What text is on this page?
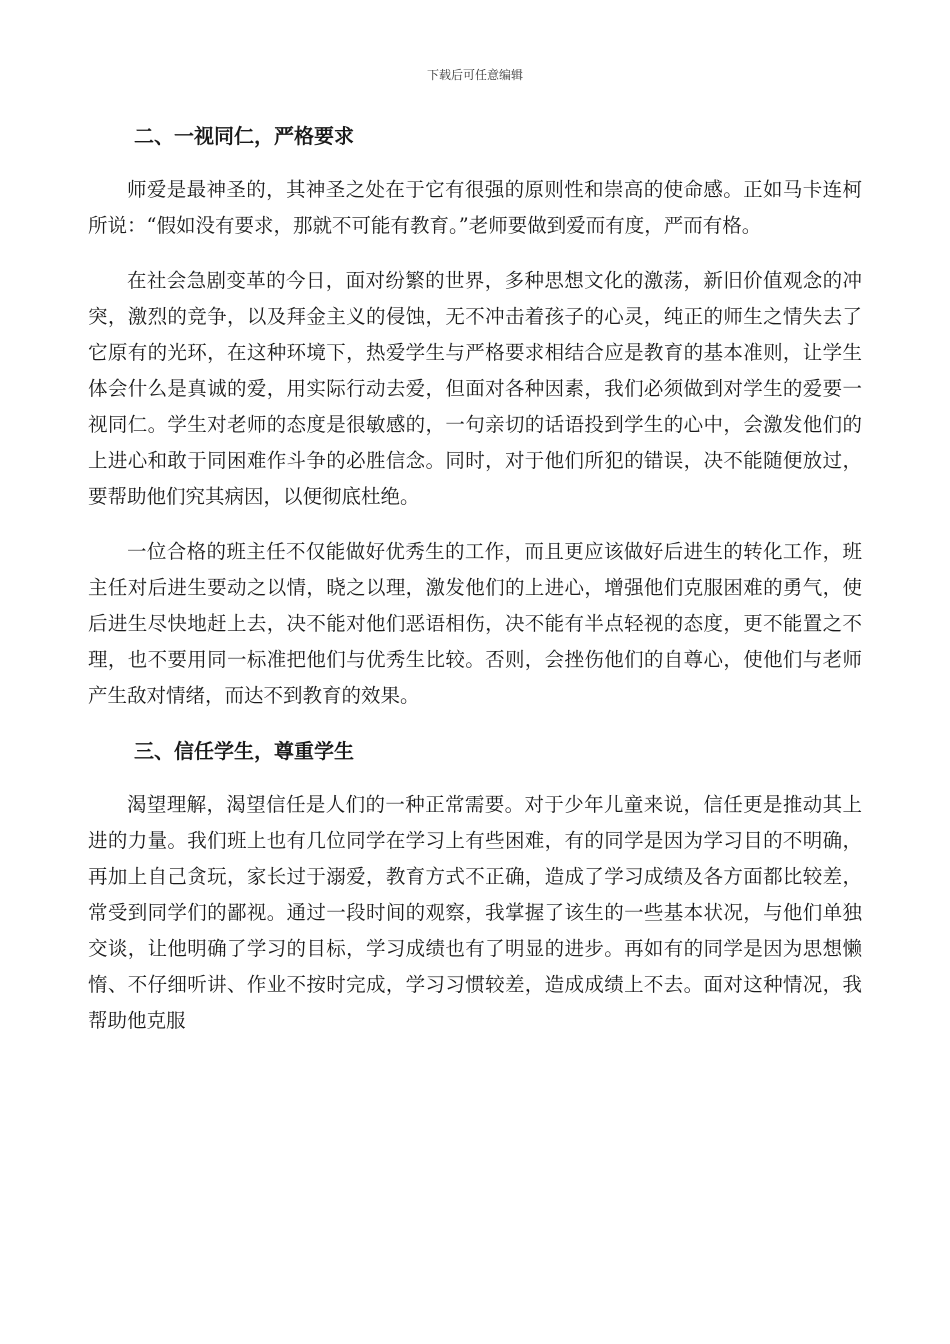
下载后可任意编辑
二、一视同仁，严格要求

师爱是最神圣的，其神圣之处在于它有很强的原则性和崇高的使命感。正如马卡连柯所说：“假如没有要求，那就不可能有教育。”老师要做到爱而有度，严而有格。

在社会急剧变革的今日，面对纷繁的世界，多种思想文化的激荡，新旧价值观念的冲突，激烈的竞争，以及拜金主义的侵蚀，无不冲击着孩子的心灵，纯正的师生之情失去了它原有的光环，在这种环境下，热爱学生与严格要求相结合应是教育的基本准则，让学生体会什么是真诚的爱，用实际行动去爱，但面对各种因素，我们必须做到对学生的爱要一视同仁。学生对老师的态度是很敏感的，一句亲切的话语投到学生的心中，会激发他们的上进心和敢于同困难作斗争的必胜信念。同时，对于他们所犯的错误，决不能随便放过，要帮助他们究其病因，以便彻底杜绝。

一位合格的班主任不仅能做好优秀生的工作，而且更应该做好后进生的转化工作，班主任对后进生要动之以情，晓之以理，激发他们的上进心，增强他们克服困难的勇气，使后进生尽快地赶上去，决不能对他们恶语相伤，决不能有半点轻视的态度，更不能置之不理，也不要用同一标准把他们与优秀生比较。否则，会挫伤他们的自尊心，使他们与老师产生敌对情绪，而达不到教育的效果。

三、信任学生，尊重学生

渴望理解，渴望信任是人们的一种正常需要。对于少年儿童来说，信任更是推动其上进的力量。我们班上也有几位同学在学习上有些困难，有的同学是因为学习目的不明确，再加上自己贪玩，家长过于溺爱，教育方式不正确，造成了学习成绩及各方面都比较差，常受到同学们的鄙视。通过一段时间的观察，我掌握了该生的一些基本状况，与他们单独交谈，让他明确了学习的目标，学习成绩也有了明显的进步。再如有的同学是因为思想懒惰、不仔细听讲、作业不按时完成，学习习惯较差，造成成绩上不去。面对这种情况，我帮助他克服
